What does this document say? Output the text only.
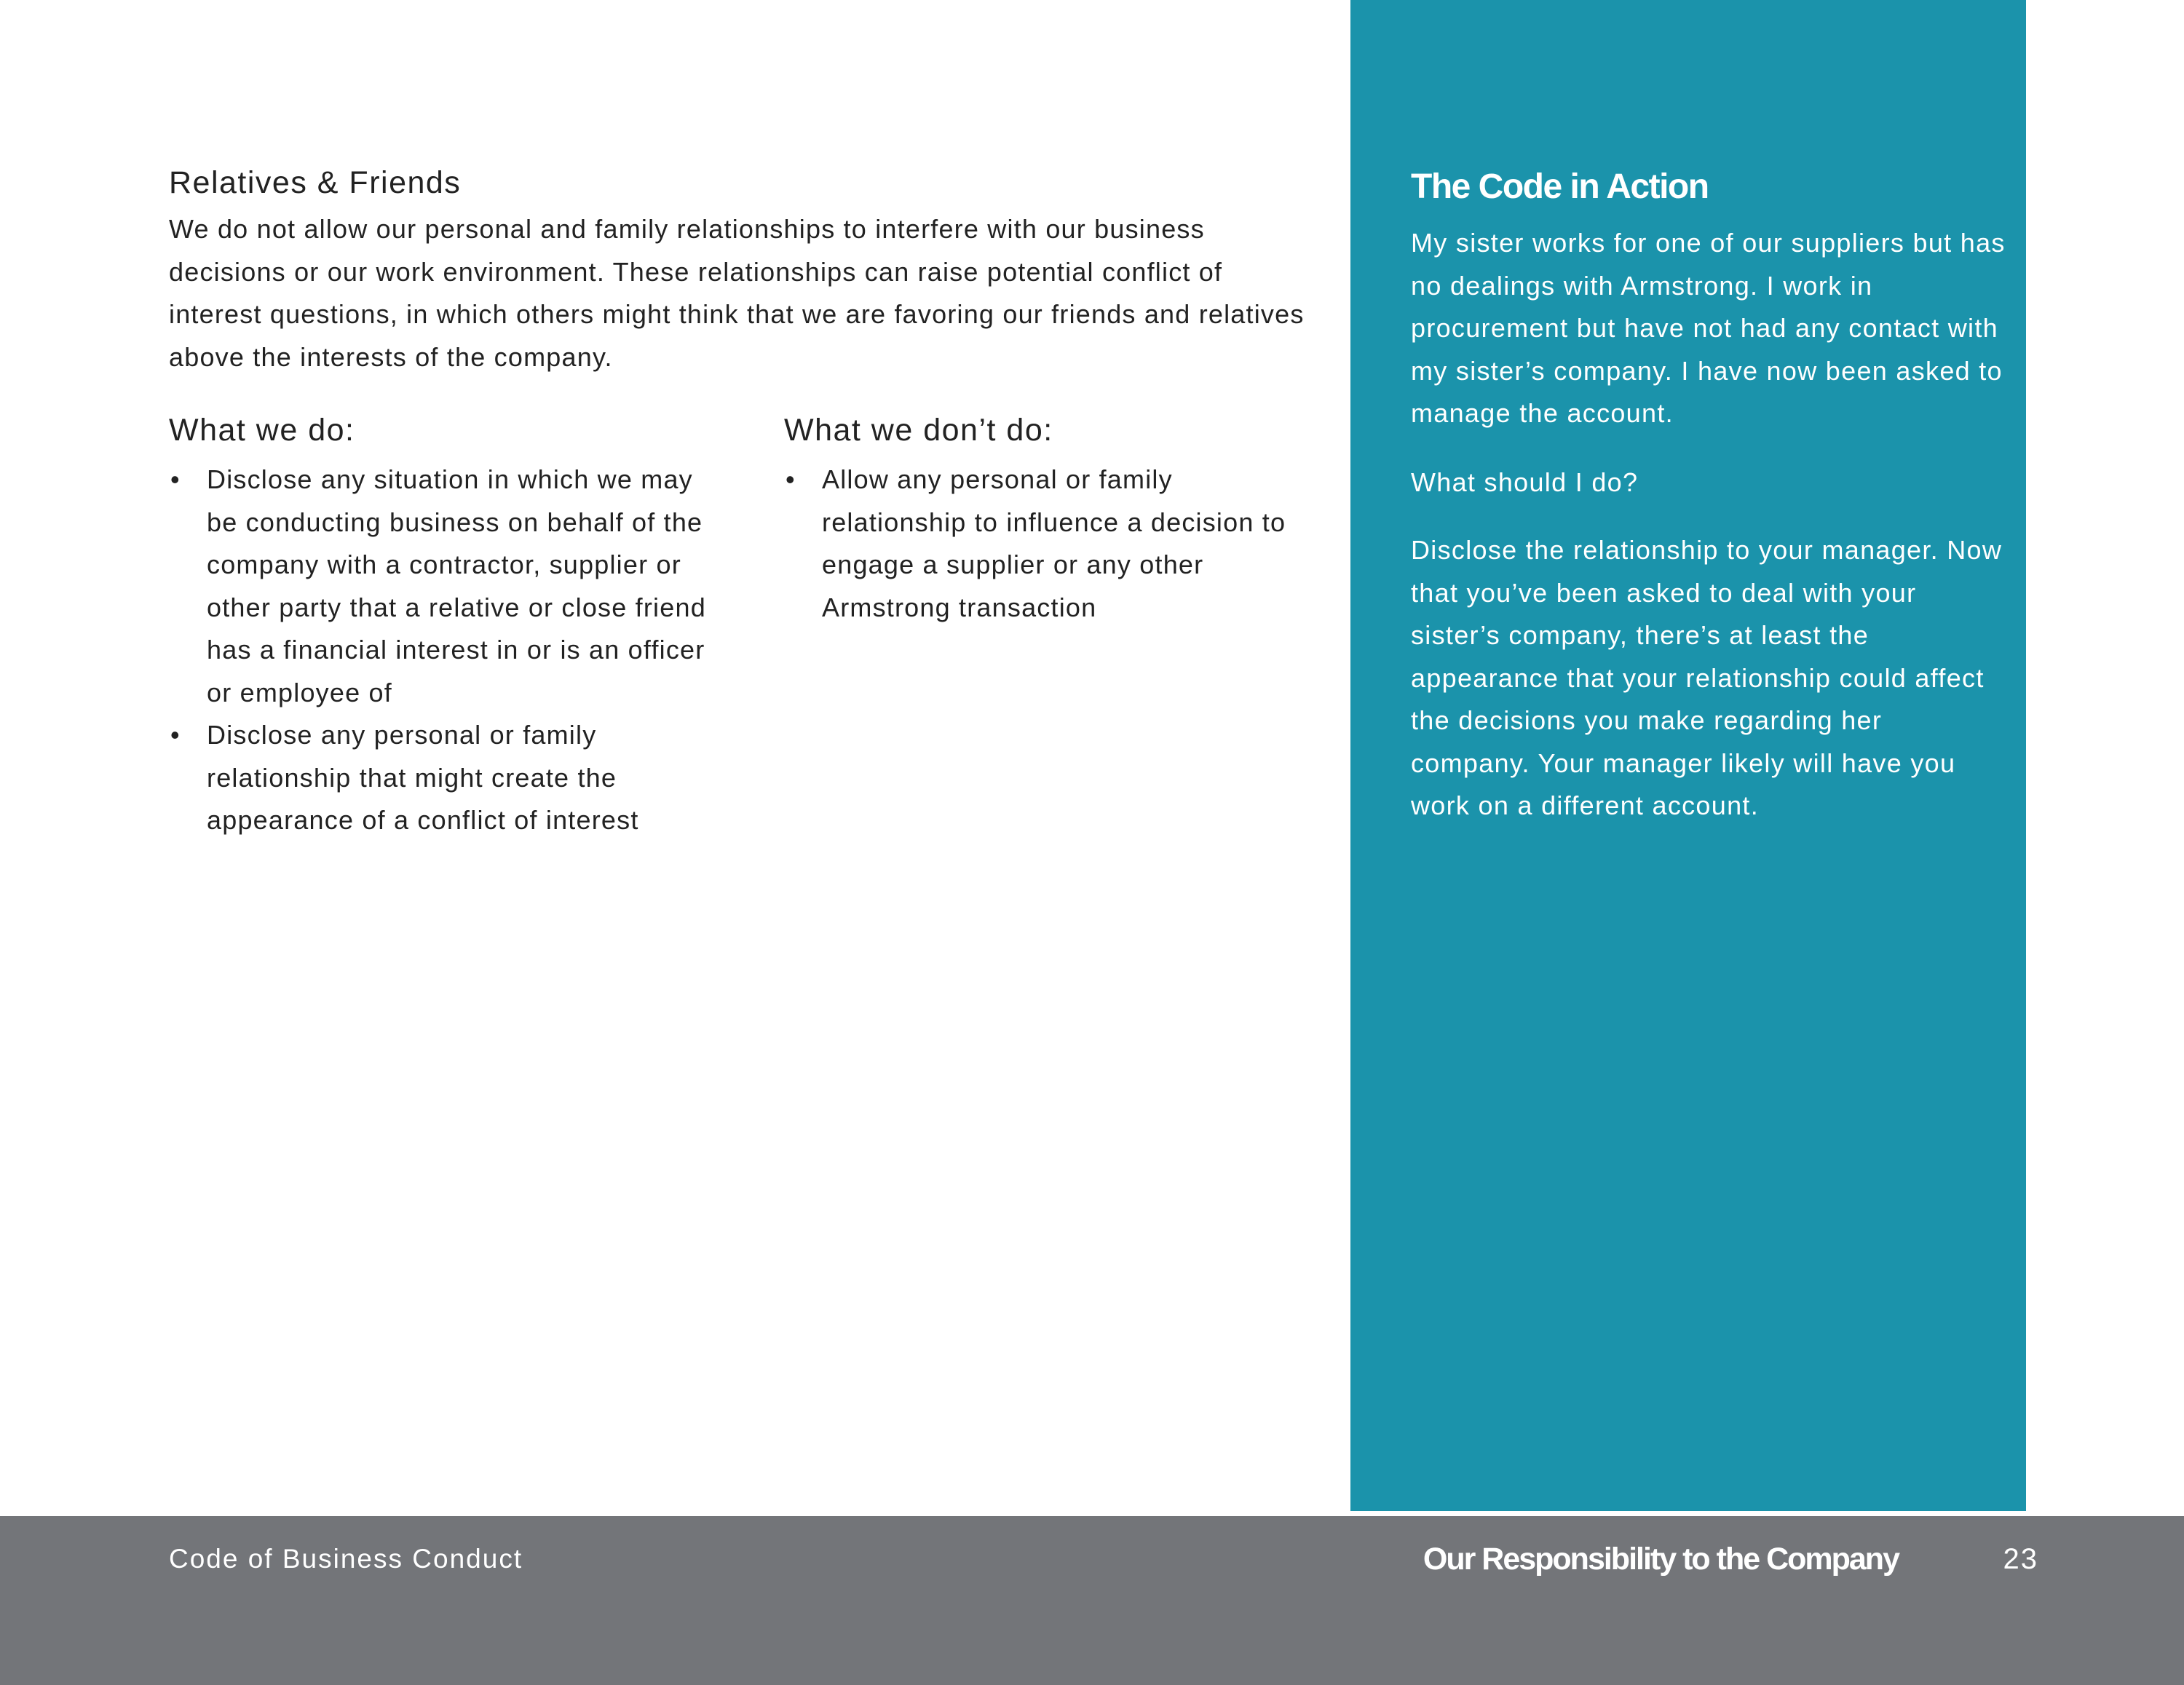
Relatives & Friends

We do not allow our personal and family relationships to interfere with our business decisions or our work environment. These relationships can raise potential conflict of interest questions, in which others might think that we are favoring our friends and relatives above the interests of the company.

What we do:
• Disclose any situation in which we may be conducting business on behalf of the company with a contractor, supplier or other party that a relative or close friend has a financial interest in or is an officer or employee of
• Disclose any personal or family relationship that might create the appearance of a conflict of interest
What we don’t do:
• Allow any personal or family relationship to influence a decision to engage a supplier or any other Armstrong transaction
The Code in Action

My sister works for one of our suppliers but has no dealings with Armstrong. I work in procurement but have not had any contact with my sister’s company. I have now been asked to manage the account.

What should I do?

Disclose the relationship to your manager. Now that you’ve been asked to deal with your sister’s company, there’s at least the appearance that your relationship could affect the decisions you make regarding her company. Your manager likely will have you work on a different account.

Code of Business Conduct	Our Responsibility to the Company	23
